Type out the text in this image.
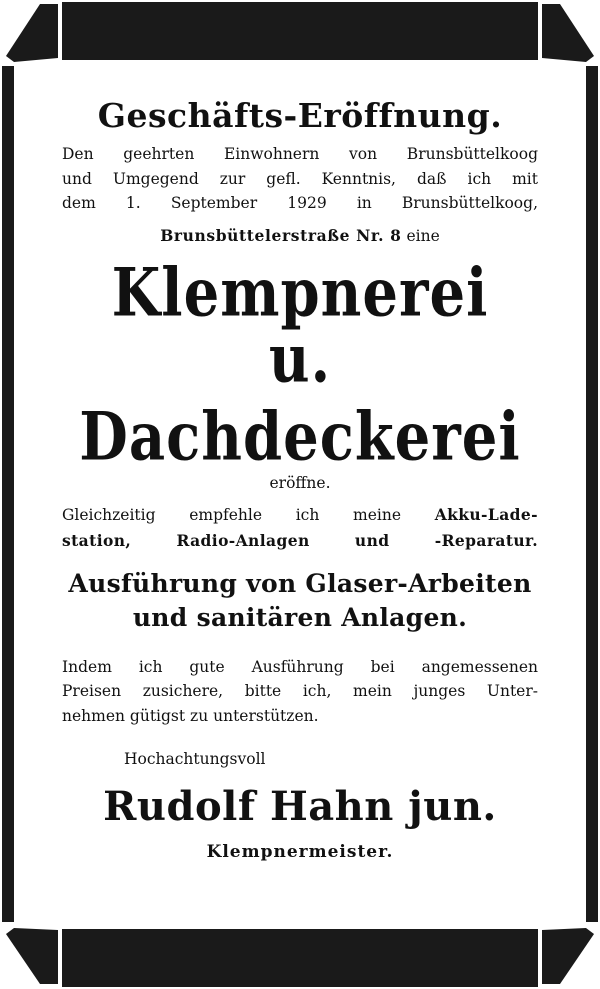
Geschäfts-Eröffnung.
Den geehrten Einwohnern von Brunsbüttelkoog
und Umgegend zur gefl. Kenntnis, daß ich mit
dem 1. September 1929 in Brunsbüttelkoog,
Brunsbüttelerstraße Nr. 8 eine
Klempnerei
u. Dachdeckerei
eröffne.
Gleichzeitig empfehle ich meine Akku-Lade-
station, Radio-Anlagen und -Reparatur.
Ausführung von Glaser-Arbeiten
und sanitären Anlagen.
Indem ich gute Ausführung bei angemessenen
Preisen zusichere, bitte ich, mein junges Unter-
nehmen gütigst zu unterstützen.
Hochachtungsvoll
Rudolf Hahn jun.
Klempnermeister.
